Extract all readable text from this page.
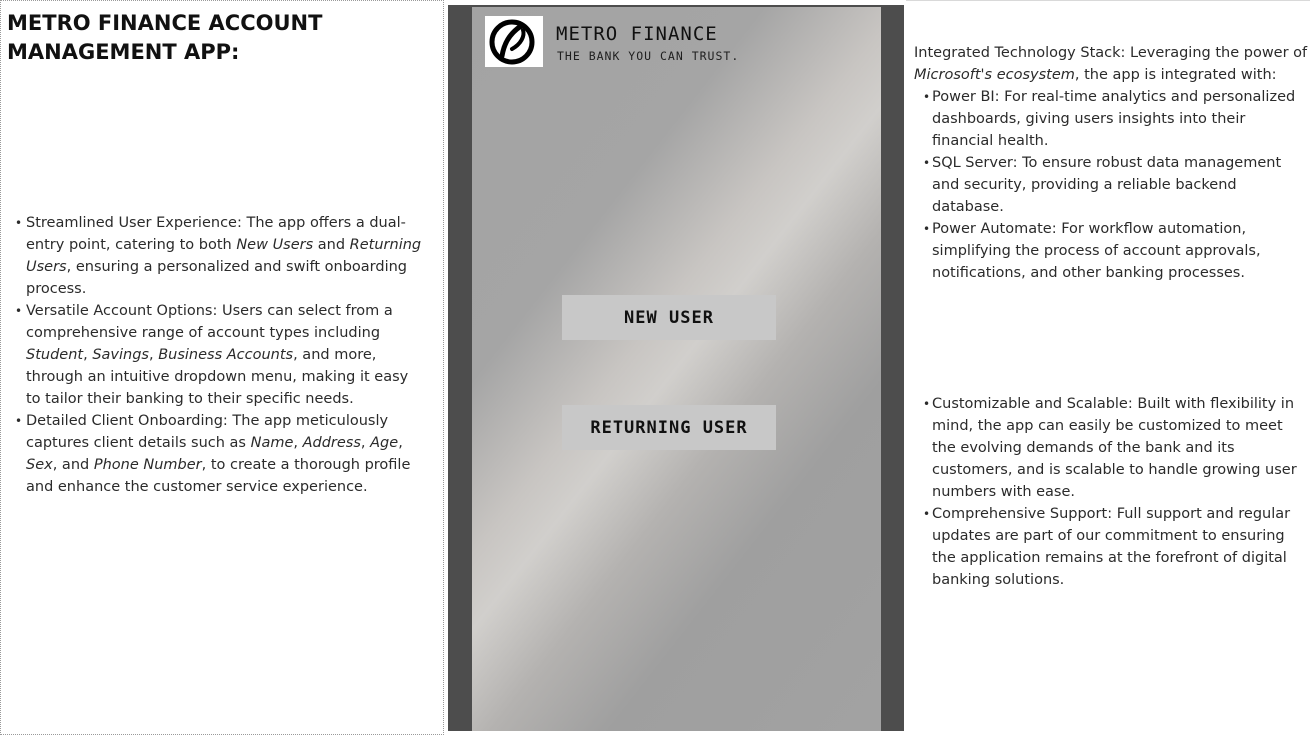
METRO FINANCE ACCOUNT MANAGEMENT APP:
• Streamlined User Experience: The app offers a dual-entry point, catering to both New Users and Returning Users, ensuring a personalized and swift onboarding process.
• Versatile Account Options: Users can select from a comprehensive range of account types including Student, Savings, Business Accounts, and more, through an intuitive dropdown menu, making it easy to tailor their banking to their specific needs.
• Detailed Client Onboarding: The app meticulously captures client details such as Name, Address, Age, Sex, and Phone Number, to create a thorough profile and enhance the customer service experience.
METRO FINANCE
THE BANK YOU CAN TRUST.
NEW USER
RETURNING USER

Integrated Technology Stack: Leveraging the power of Microsoft's ecosystem, the app is integrated with:

• Power BI: For real-time analytics and personalized dashboards, giving users insights into their financial health.
• SQL Server: To ensure robust data management and security, providing a reliable backend database.
• Power Automate: For workflow automation, simplifying the process of account approvals, notifications, and other banking processes.
• Customizable and Scalable: Built with flexibility in mind, the app can easily be customized to meet the evolving demands of the bank and its customers, and is scalable to handle growing user numbers with ease.
• Comprehensive Support: Full support and regular updates are part of our commitment to ensuring the application remains at the forefront of digital banking solutions.
